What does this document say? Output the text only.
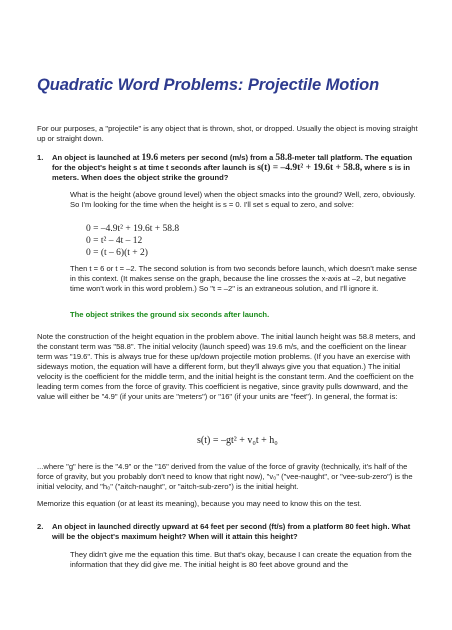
Quadratic Word Problems: Projectile Motion

For our purposes, a "projectile" is any object that is thrown, shot, or dropped. Usually the object is moving straight up or straight down.

1. An object is launched at 19.6 meters per second (m/s) from a 58.8-meter tall platform. The equation for the object's height s at time t seconds after launch is s(t) = –4.9t² + 19.6t + 58.8, where s is in meters. When does the object strike the ground?

What is the height (above ground level) when the object smacks into the ground? Well, zero, obviously. So I'm looking for the time when the height is s = 0. I'll set s equal to zero, and solve:

0 = –4.9t² + 19.6t + 58.8
0 = t² – 4t – 12
0 = (t – 6)(t + 2)

Then t = 6 or t = –2. The second solution is from two seconds before launch, which doesn't make sense in this context. (It makes sense on the graph, because the line crosses the x-axis at –2, but negative time won't work in this word problem.) So "t = –2" is an extraneous solution, and I'll ignore it.

The object strikes the ground six seconds after launch.

Note the construction of the height equation in the problem above. The initial launch height was 58.8 meters, and the constant term was "58.8". The initial velocity (launch speed) was 19.6 m/s, and the coefficient on the linear term was "19.6". This is always true for these up/down projectile motion problems. (If you have an exercise with sideways motion, the equation will have a different form, but they'll always give you that equation.) The initial velocity is the coefficient for the middle term, and the initial height is the constant term. And the coefficient on the leading term comes from the force of gravity. This coefficient is negative, since gravity pulls downward, and the value will either be "4.9" (if your units are "meters") or "16" (if your units are "feet"). In general, the format is:

s(t) = –gt² + v₀t + h₀

...where "g" here is the "4.9" or the "16" derived from the value of the force of gravity (technically, it's half of the force of gravity, but you probably don't need to know that right now), "v₀" ("vee-naught", or "vee-sub-zero") is the initial velocity, and "h₀" ("aitch-naught", or "aitch-sub-zero") is the initial height.

Memorize this equation (or at least its meaning), because you may need to know this on the test.

2. An object in launched directly upward at 64 feet per second (ft/s) from a platform 80 feet high. What will be the object's maximum height? When will it attain this height?

They didn't give me the equation this time. But that's okay, because I can create the equation from the information that they did give me. The initial height is 80 feet above ground and the
